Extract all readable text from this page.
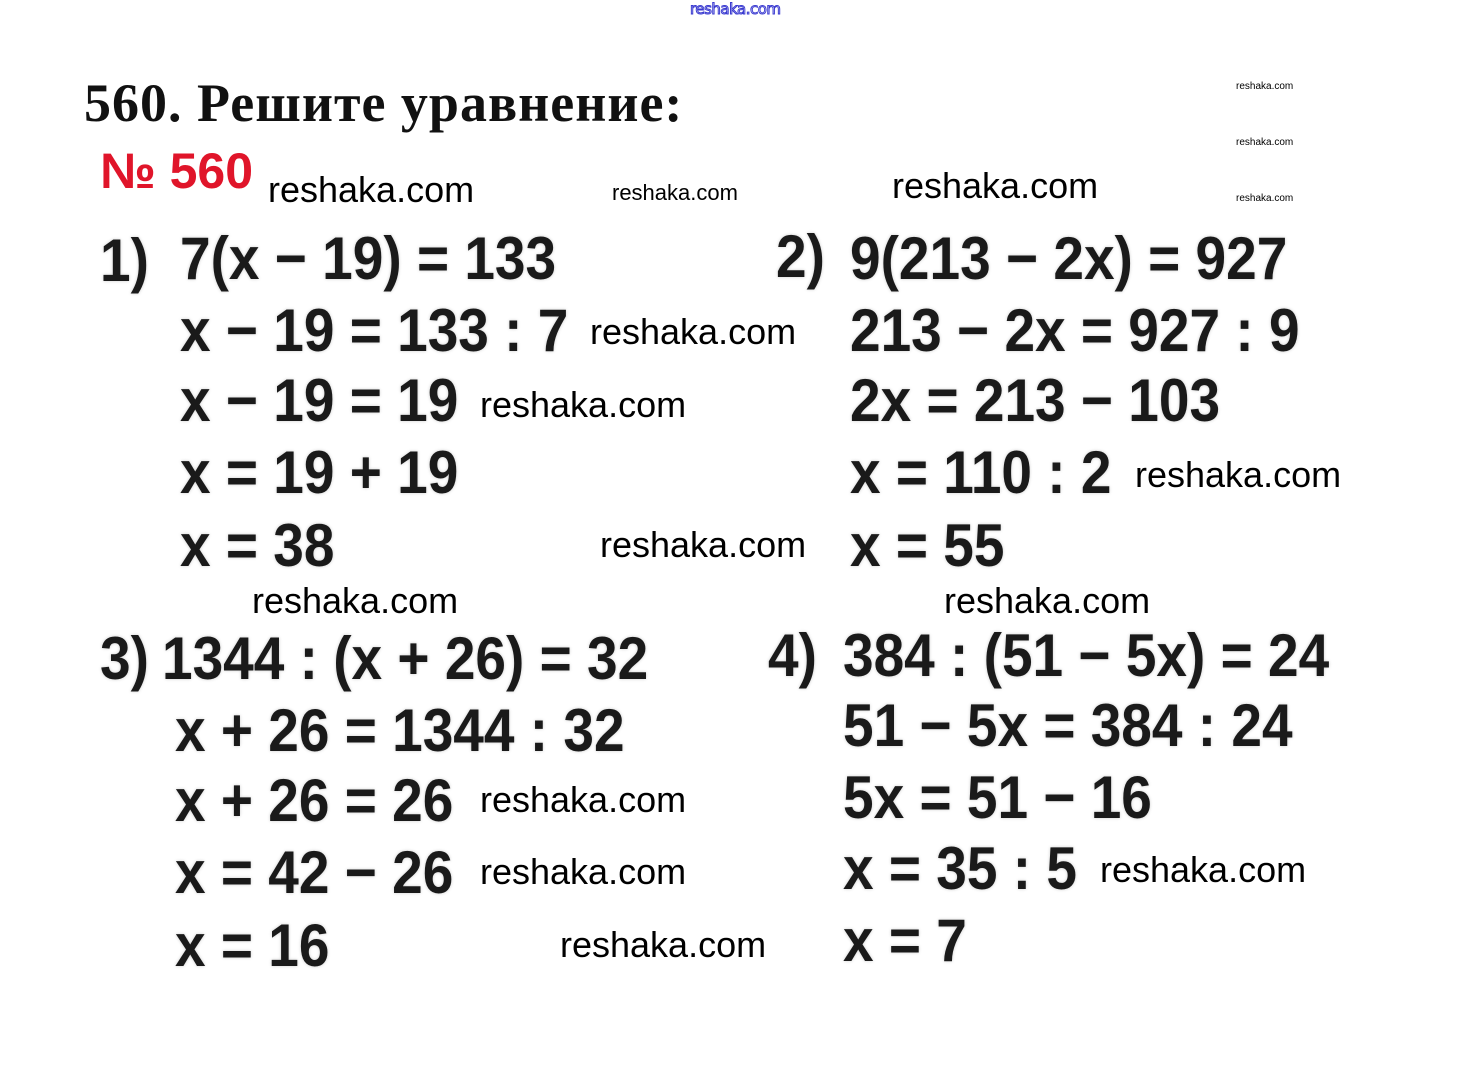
reshaka.com
560. Решите уравнение:
№ 560
1) 7(x − 19) = 133
x − 19 = 133 : 7
x − 19 = 19
x = 19 + 19
x = 38
2) 9(213 − 2x) = 927
213 − 2x = 927 : 9
2x = 213 − 103
x = 110 : 2
x = 55
3) 1344 : (x + 26) = 32
x + 26 = 1344 : 32
x + 26 = 26
x = 42 − 26
x = 16
4) 384 : (51 − 5x) = 24
51 − 5x = 384 : 24
5x = 51 − 16
x = 35 : 5
x = 7
reshaka.com	reshaka.com	reshaka.com
reshaka.com
reshaka.com
reshaka.com
reshaka.com
reshaka.com
reshaka.com
reshaka.com
reshaka.com
reshaka.com
reshaka.com
reshaka.com
reshaka.com
reshaka.com
